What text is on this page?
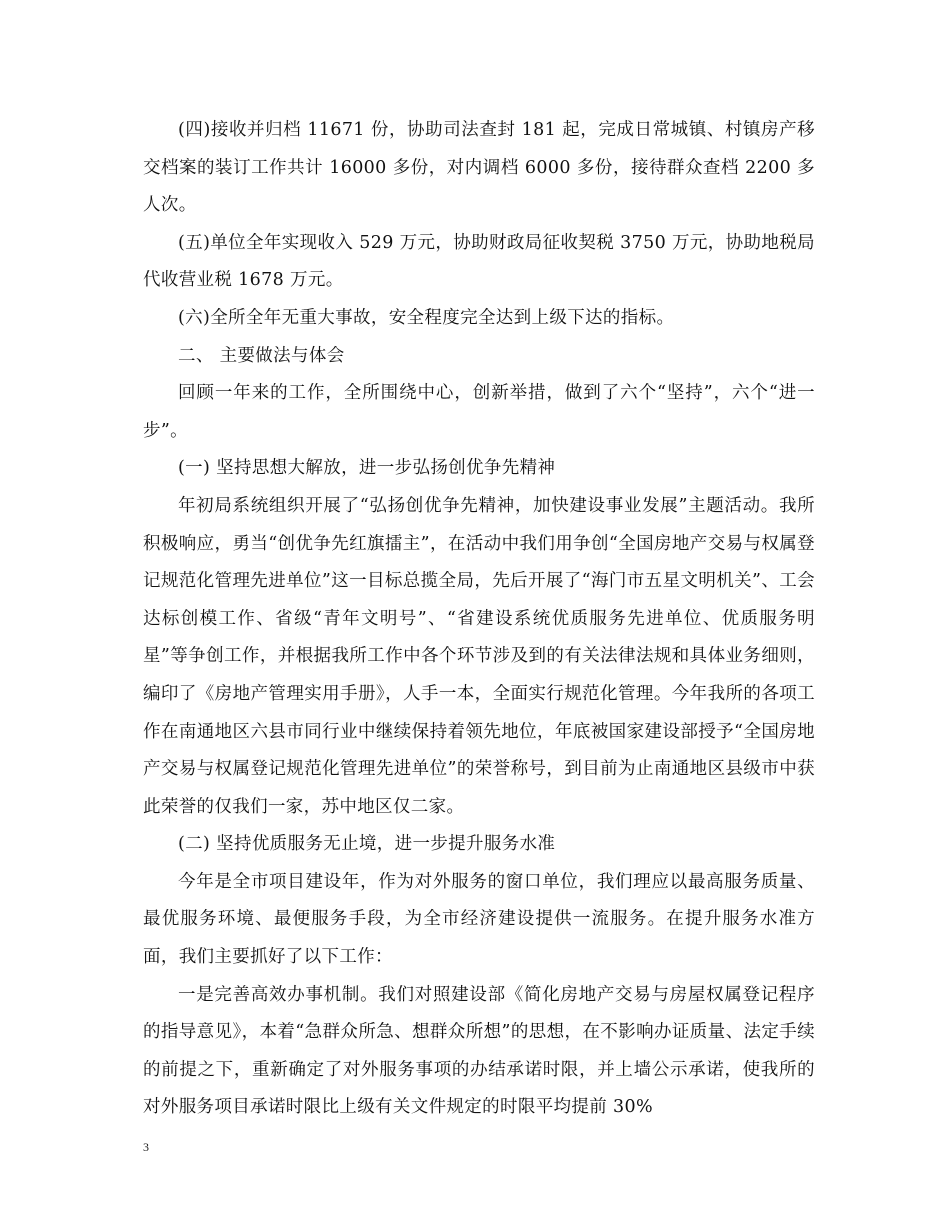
(四)接收并归档 11671 份，协助司法查封 181 起，完成日常城镇、村镇房产移交档案的装订工作共计 16000 多份，对内调档 6000 多份，接待群众查档 2200 多人次。

(五)单位全年实现收入 529 万元，协助财政局征收契税 3750 万元，协助地税局代收营业税 1678 万元。

(六)全所全年无重大事故，安全程度完全达到上级下达的指标。

二、 主要做法与体会

回顾一年来的工作，全所围绕中心，创新举措，做到了六个“坚持”，六个“进一步”。

(一) 坚持思想大解放，进一步弘扬创优争先精神

年初局系统组织开展了“弘扬创优争先精神，加快建设事业发展”主题活动。我所积极响应，勇当“创优争先红旗擂主”，在活动中我们用争创“全国房地产交易与权属登记规范化管理先进单位”这一目标总揽全局，先后开展了“海门市五星文明机关”、工会达标创模工作、省级“青年文明号”、“省建设系统优质服务先进单位、优质服务明星”等争创工作，并根据我所工作中各个环节涉及到的有关法律法规和具体业务细则，编印了《房地产管理实用手册》，人手一本，全面实行规范化管理。今年我所的各项工作在南通地区六县市同行业中继续保持着领先地位，年底被国家建设部授予“全国房地产交易与权属登记规范化管理先进单位”的荣誉称号，到目前为止南通地区县级市中获此荣誉的仅我们一家，苏中地区仅二家。

(二) 坚持优质服务无止境，进一步提升服务水准

今年是全市项目建设年，作为对外服务的窗口单位，我们理应以最高服务质量、最优服务环境、最便服务手段，为全市经济建设提供一流服务。在提升服务水准方面，我们主要抓好了以下工作：

一是完善高效办事机制。我们对照建设部《简化房地产交易与房屋权属登记程序的指导意见》，本着“急群众所急、想群众所想”的思想，在不影响办证质量、法定手续的前提之下，重新确定了对外服务事项的办结承诺时限，并上墙公示承诺，使我所的对外服务项目承诺时限比上级有关文件规定的时限平均提前 30%

3
